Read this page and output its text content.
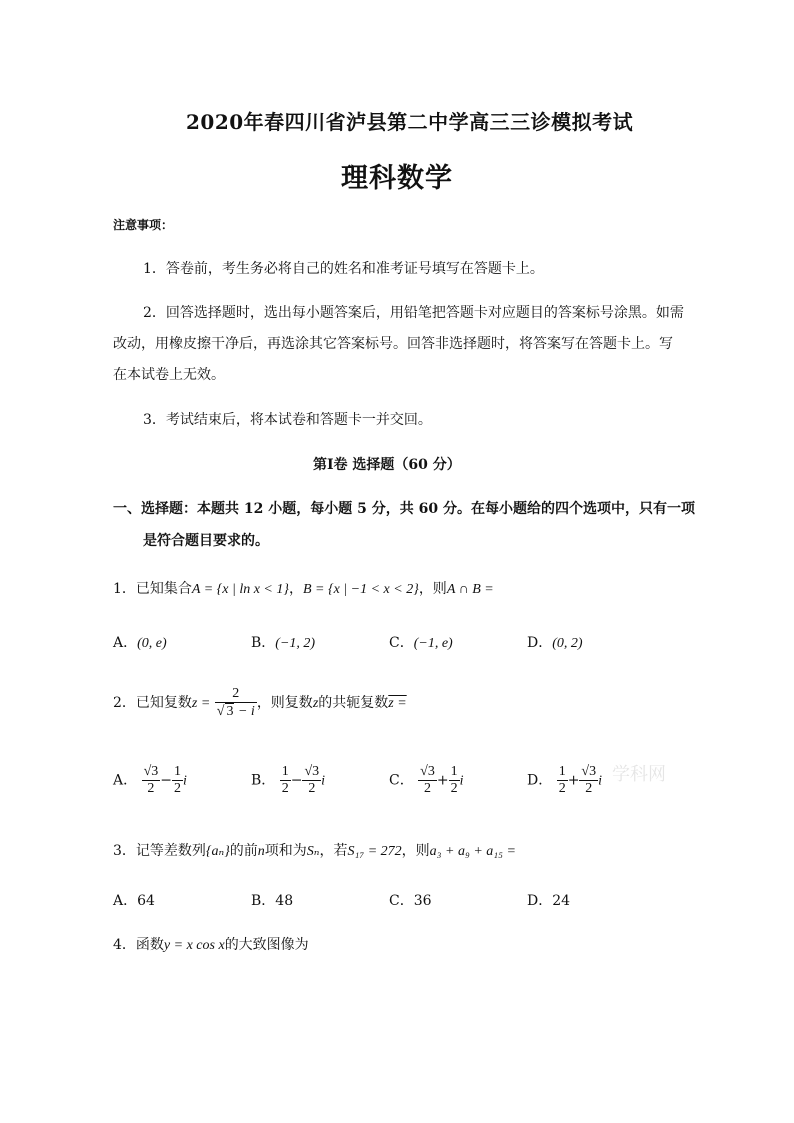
2020年春四川省泸县第二中学高三三诊模拟考试
理科数学
注意事项：
1．答卷前，考生务必将自己的姓名和准考证号填写在答题卡上。
2．回答选择题时，选出每小题答案后，用铅笔把答题卡对应题目的答案标号涂黑。如需
改动，用橡皮擦干净后，再选涂其它答案标号。回答非选择题时，将答案写在答题卡上。写
在本试卷上无效。
3．考试结束后，将本试卷和答题卡一并交回。
第Ⅰ卷 选择题（60 分）
一、选择题：本题共 12 小题，每小题 5 分，共 60 分。在每小题给的四个选项中，只有一项
是符合题目要求的。
1．已知集合A = {x | ln x < 1}，B = {x | −1 < x < 2}，则A ∩ B =
A．(0, e)	B．(−1, 2)	C．(−1, e)	D．(0, 2)
2．已知复数$z = \frac{2}{√ 3 - i}$ ，则复数z的共轭复数z =
A． $\frac{√3}{2} - \frac{1}{2}$ i	B． $\frac{1}{2} - \frac{√3}{2}$ i	C． $\frac{√3}{2} + \frac{1}{2}$ i	D． $\frac{1}{2} + \frac{√3}{2}$ i 学科网
3．记等差数列{aₙ}的前n项和为Sₙ，若S₁₇ = 272，则a₃ + a₉ + a₁₅ =
A．64	B．48	C．36	D．24
4．函数y = x cos x的大致图像为
